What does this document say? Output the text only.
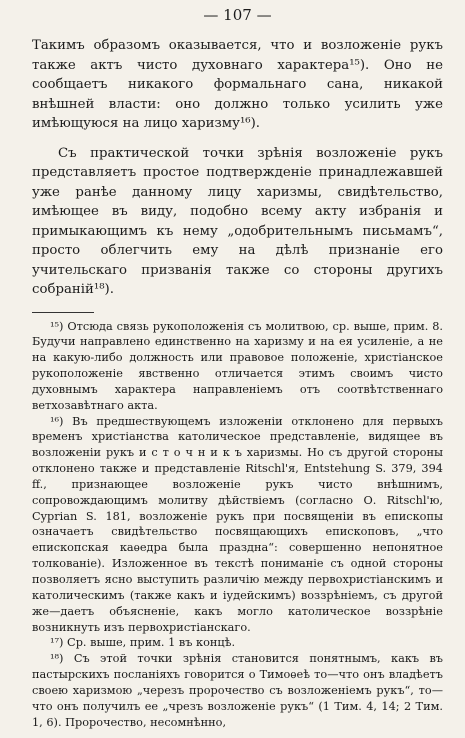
— 107 —

Такимъ образомъ оказывается, что и возложеніе рукъ также актъ чисто духовнаго характера¹⁵). Оно не сообщаетъ никакого формальнаго сана, никакой внѣшней власти: оно должно только усилить уже имѣющуюся на лицо харизму¹⁶).

Съ практической точки зрѣнія возложеніе рукъ представляетъ простое подтвержденіе принадлежавшей уже ранѣе данному лицу харизмы, свидѣтельство, имѣющее въ виду, подобно всему акту избранія и примыкающимъ къ нему „одобрительнымъ письмамъ“, просто облегчить ему на дѣлѣ признаніе его учительскаго призванія также со стороны другихъ собраній¹⁸).

¹⁵) Отсюда связь рукоположенія съ молитвою, ср. выше, прим. 8. Будучи направлено единственно на харизму и на ея усиленіе, а не на какую-либо должность или правовое положеніе, христіанское рукоположеніе явственно отличается этимъ своимъ чисто духовнымъ характера направленіемъ отъ соотвѣтственнаго ветхозавѣтнаго акта.

¹⁶) Въ предшествующемъ изложеніи отклонено для первыхъ временъ христіанства католическое представленіе, видящее въ возложеніи рукъ и с т о ч н и к ъ харизмы. Но съ другой стороны отклонено также и представленіе Ritschl'я, Entstehung S. 379, 394 ff., признающее возложеніе рукъ чисто внѣшнимъ, сопровождающимъ молитву дѣйствіемъ (согласно О. Ritschl'ю, Cyprian S. 181, возложеніе рукъ при посвященіи въ епископы означаетъ свидѣтельство посвящающихъ епископовъ, „что епископская каѳедра была праздна“: совершенно непонятное толкованіе). Изложенное въ текстѣ пониманіе съ одной стороны позволяетъ ясно выступить различію между первохристіанскимъ и католическимъ (также какъ и іудейскимъ) воззрѣніемъ, съ другой же—даетъ объясненіе, какъ могло католическое воззрѣніе возникнуть изъ первохристіанскаго.

¹⁷) Ср. выше, прим. 1 въ концѣ.

¹⁸) Съ этой точки зрѣнія становится понятнымъ, какъ въ пастырскихъ посланіяхъ говорится о Тимоѳеѣ то—что онъ владѣетъ своею харизмою „черезъ пророчество съ возложеніемъ рукъ“, то—что онъ получилъ ее „чрезъ возложеніе рукъ“ (1 Тим. 4, 14; 2 Тим. 1, 6). Пророчество, несомнѣнно,
